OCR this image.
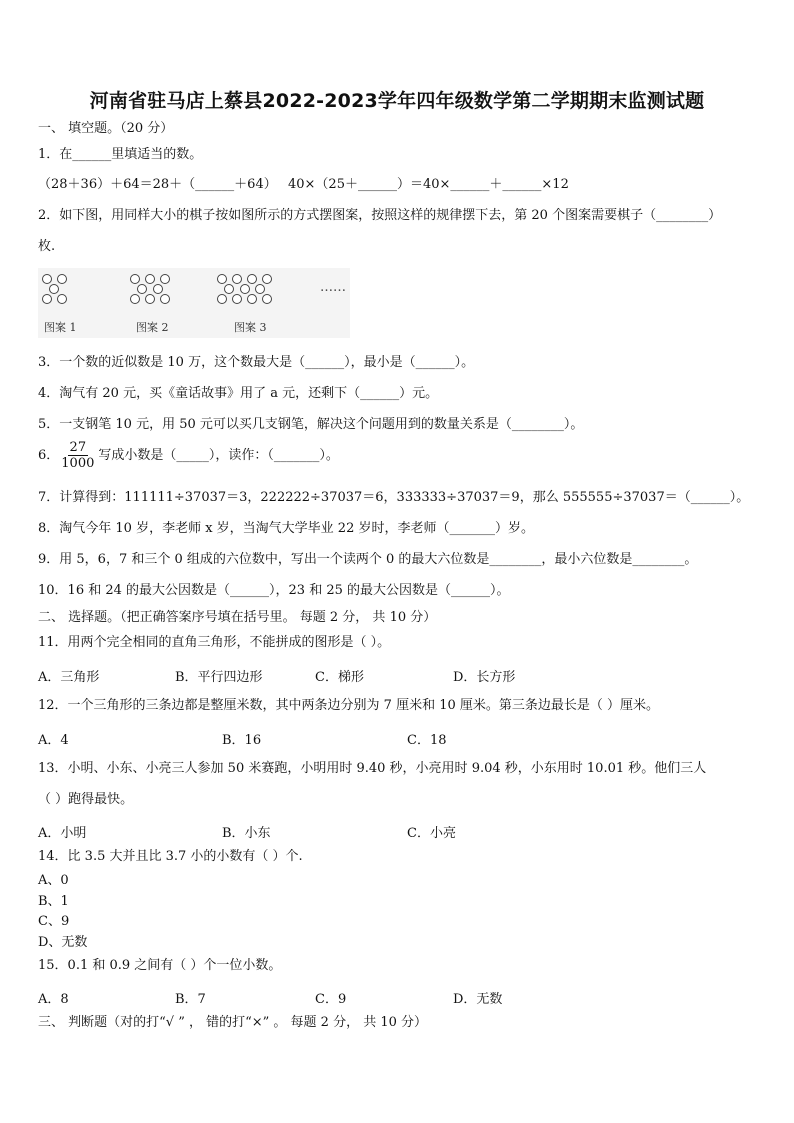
河南省驻马店上蔡县2022-2023学年四年级数学第二学期期末监测试题
一、 填空题。（20 分）
1．在______里填适当的数。
（28＋36）＋64＝28＋（______＋64） 40×（25＋______）＝40×______＋______×12
2．如下图，用同样大小的棋子按如图所示的方式摆图案，按照这样的规律摆下去，第 20 个图案需要棋子（________）
枚.
图案 1	图案 2	图案 3
……
3．一个数的近似数是 10 万，这个数最大是（______），最小是（______）。
4．淘气有 20 元，买《童话故事》用了 a 元，还剩下（______）元。
5．一支钢笔 10 元，用 50 元可以买几支钢笔，解决这个问题用到的数量关系是（________）。
6． $\frac{27}{1000}$ 写成小数是（_____），读作：（_______）。
7．计算得到：111111÷37037＝3，222222÷37037＝6，333333÷37037＝9，那么 555555÷37037＝（______）。
8．淘气今年 10 岁，李老师 x 岁，当淘气大学毕业 22 岁时，李老师（_______）岁。
9．用 5，6，7 和三个 0 组成的六位数中，写出一个读两个 0 的最大六位数是________，最小六位数是________。
10．16 和 24 的最大公因数是（______），23 和 25 的最大公因数是（______）。
二、 选择题。（把正确答案序号填在括号里。 每题 2 分， 共 10 分）
11．用两个完全相同的直角三角形，不能拼成的图形是（ ）。
A．三角形	B．平行四边形	C．梯形	D．长方形
12．一个三角形的三条边都是整厘米数，其中两条边分别为 7 厘米和 10 厘米。第三条边最长是（ ）厘米。
A．4	B．16	C．18
13．小明、小东、小亮三人参加 50 米赛跑，小明用时 9.40 秒，小亮用时 9.04 秒，小东用时 10.01 秒。他们三人
（ ）跑得最快。
A．小明	B．小东	C．小亮
14．比 3.5 大并且比 3.7 小的小数有（ ）个.
A、0
B、1
C、9
D、无数
15．0.1 和 0.9 之间有（ ）个一位小数。
A．8	B．7	C．9	D．无数
三、 判断题（对的打“√ ” ， 错的打“×” 。 每题 2 分， 共 10 分）
